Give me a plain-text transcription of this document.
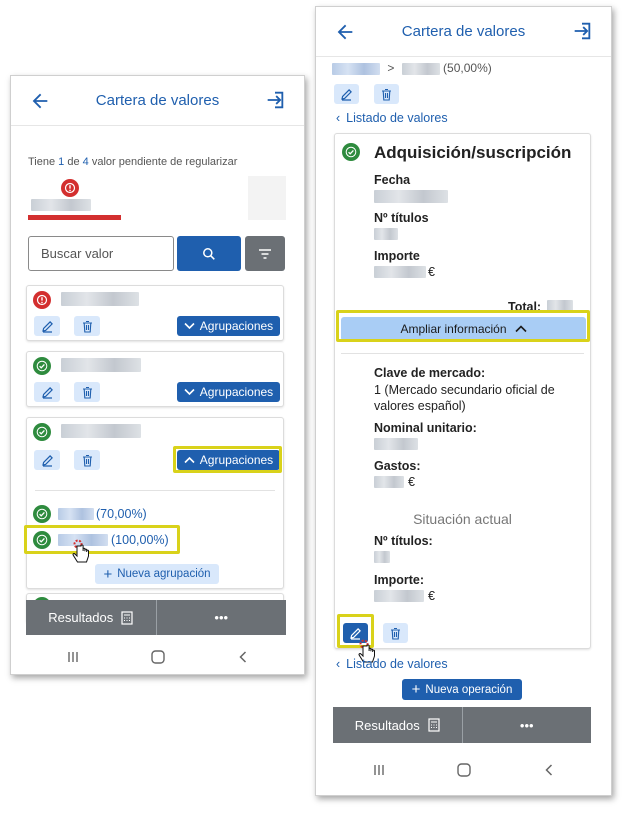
Cartera de valores
Tiene 1 de 4 valor pendiente de regularizar
Buscar valor
Agrupaciones
Agrupaciones
Agrupaciones
(70,00%)
(100,00%)
+ Nueva agrupación
Resultados	•••
Cartera de valores
>	(50,00%)
‹ Listado de valores
Adquisición/suscripción
Fecha
Nº títulos
Importe
€
Total:
Ampliar información
Clave de mercado:
1 (Mercado secundario oficial de valores español)
Nominal unitario:
Gastos:
€
Situación actual
Nº títulos:
Importe:
€
‹ Listado de valores
+ Nueva operación
Resultados	•••
